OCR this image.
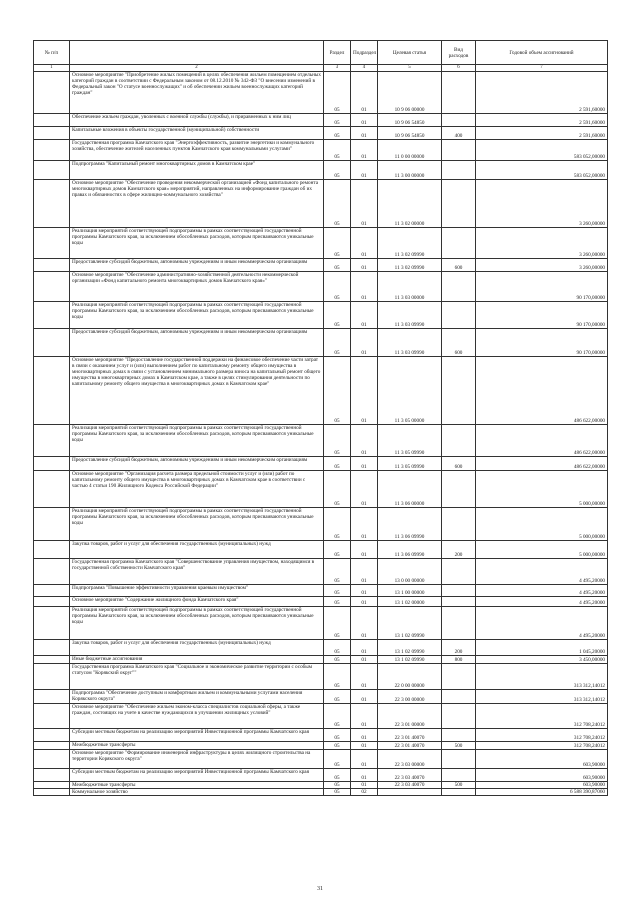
№ п/п		Раздел	Подраздел	Целевая статья	Вид расходов	Годовой объем ассигнований
1	2	3	4	5	6	7
	Основное мероприятие "Приобретение жилых помещений в целях обеспечения жильем помещением отдельных категорий граждан в соответствии с Федеральным законом от 08.12.2010 № 342-ФЗ "О внесении изменений в Федеральный закон "О статусе военнослужащих" и об обеспечении жильем военнослужащих категорий граждан"	05	01	10 9 06 00000		2 591,60000
	Обеспечение жильем граждан, уволенных с военной службы (службы), и приравненных к ним лиц	05	01	10 9 06 54850		2 591,60000
	Капитальные вложения в объекты государственной (муниципальной) собственности	05	01	10 9 06 54850	400	2 591,60000
	Государственная программа Камчатского края "Энергоэффективность, развитие энергетики и коммунального хозяйства, обеспечение жителей населенных пунктов Камчатского края коммунальными услугами"	05	01	11 0 00 00000		583 052,00000
	Подпрограмма "Капитальный ремонт многоквартирных домов в Камчатском крае"	05	01	11 3 00 00000		583 052,00000
	Основное мероприятие "Обеспечение проведения некоммерческой организацией «Фонд капитального ремонта многоквартирных домов Камчатского края» мероприятий, направленных на информирование граждан об их правах и обязанностях в сфере жилищно-коммунального хозяйства"	05	01	11 3 02 00000		3 260,00000
	Реализация мероприятий соответствующей подпрограммы в рамках соответствующей государственной программы Камчатского края, за исключением обособленных расходов, которым присваиваются уникальные коды	05	01	11 3 02 09990		3 260,00000
	Предоставление субсидий бюджетным, автономным учреждениям и иным некоммерческим организациям	05	01	11 3 02 09990	600	3 260,00000
	Основное мероприятие "Обеспечение административно-хозяйственной деятельности некоммерческой организации «Фонд капитального ремонта многоквартирных домов Камчатского края»"	05	01	11 3 03 00000		90 170,00000
	Реализация мероприятий соответствующей подпрограммы в рамках соответствующей государственной программы Камчатского края, за исключением обособленных расходов, которым присваиваются уникальные коды	05	01	11 3 03 09990		90 170,00000
	Предоставление субсидий бюджетным, автономным учреждениям и иным некоммерческим организациям	05	01	11 3 03 09990	600	90 170,00000
	Основное мероприятие "Предоставление государственной поддержки на финансовое обеспечение части затрат в связи с оказанием услуг и (или) выполнением работ по капитальному ремонту общего имущества в многоквартирных домах в связи с установлением минимального размера взноса на капитальный ремонт общего имущества в многоквартирных домах в Камчатском крае, а также в целях стимулирования деятельности по капитальному ремонту общего имущества в многоквартирных домах в Камчатском крае"	05	01	11 3 05 00000		486 622,00000
	Реализация мероприятий соответствующей подпрограммы в рамках соответствующей государственной программы Камчатского края, за исключением обособленных расходов, которым присваиваются уникальные коды	05	01	11 3 05 09990		486 622,00000
	Предоставление субсидий бюджетным, автономным учреждениям и иным некоммерческим организациям	05	01	11 3 05 09990	600	486 622,00000
	Основное мероприятие "Организация расчета размера предельной стоимости услуг и (или) работ по капитальному ремонту общего имущества в многоквартирных домах в Камчатском крае в соответствии с частью 4 статьи 190 Жилищного Кодекса Российской Федерации"	05	01	11 3 06 00000		5 000,00000
	Реализация мероприятий соответствующей подпрограммы в рамках соответствующей государственной программы Камчатского края, за исключением обособленных расходов, которым присваиваются уникальные коды	05	01	11 3 06 09990		5 000,00000
	Закупка товаров, работ и услуг для обеспечения государственных (муниципальных) нужд	05	01	11 3 06 09990	200	5 000,00000
	Государственная программа Камчатского края "Совершенствование управления имуществом, находящимся в государственной собственности Камчатского края"	05	01	13 0 00 00000		4 495,20000
	Подпрограмма "Повышение эффективности управления краевым имуществом"	05	01	13 1 00 00000		4 495,20000
	Основное мероприятие "Содержание жилищного фонда Камчатского края"	05	01	13 1 02 00000		4 495,20000
	Реализация мероприятий соответствующей подпрограммы в рамках соответствующей государственной программы Камчатского края, за исключением обособленных расходов, которым присваиваются уникальные коды	05	01	13 1 02 09990		4 495,20000
	Закупка товаров, работ и услуг для обеспечения государственных (муниципальных) нужд	05	01	13 1 02 09990	200	1 045,20000
	Иные бюджетные ассигнования	05	01	13 1 02 09990	800	3 450,00000
	Государственная программа Камчатского края "Социальное и экономическое развитие территории с особым статусом "Корякский округ""	05	01	22 0 00 00000		313 312,14012
	Подпрограмма "Обеспечение доступным и комфортным жильем и коммунальными услугами населения Корякского округа"	05	01	22 3 00 00000		313 312,14012
	Основное мероприятие "Обеспечение жильем эконом-класса специалистов социальной сферы, а также граждан, состоящих на учете в качестве нуждающихся в улучшении жилищных условий"	05	01	22 3 01 00000		312 708,24012
	Субсидии местным бюджетам на реализацию мероприятий Инвестиционной программы Камчатского края	05	01	22 3 01 40070		312 708,24012
	Межбюджетные трансферты	05	01	22 3 01 40070	500	312 708,24012
	Основное мероприятие "Формирование инженерной инфраструктуры в целях жилищного строительства на территории Корякского округа"	05	01	22 3 03 00000		603,90000
	Субсидии местным бюджетам на реализацию мероприятий Инвестиционной программы Камчатского края	05	01	22 3 03 40070		603,90000
	Межбюджетные трансферты	05	01	22 3 03 40070	500	603,90000
	Коммунальное хозяйство	05	02			6 588 390,87060
31
